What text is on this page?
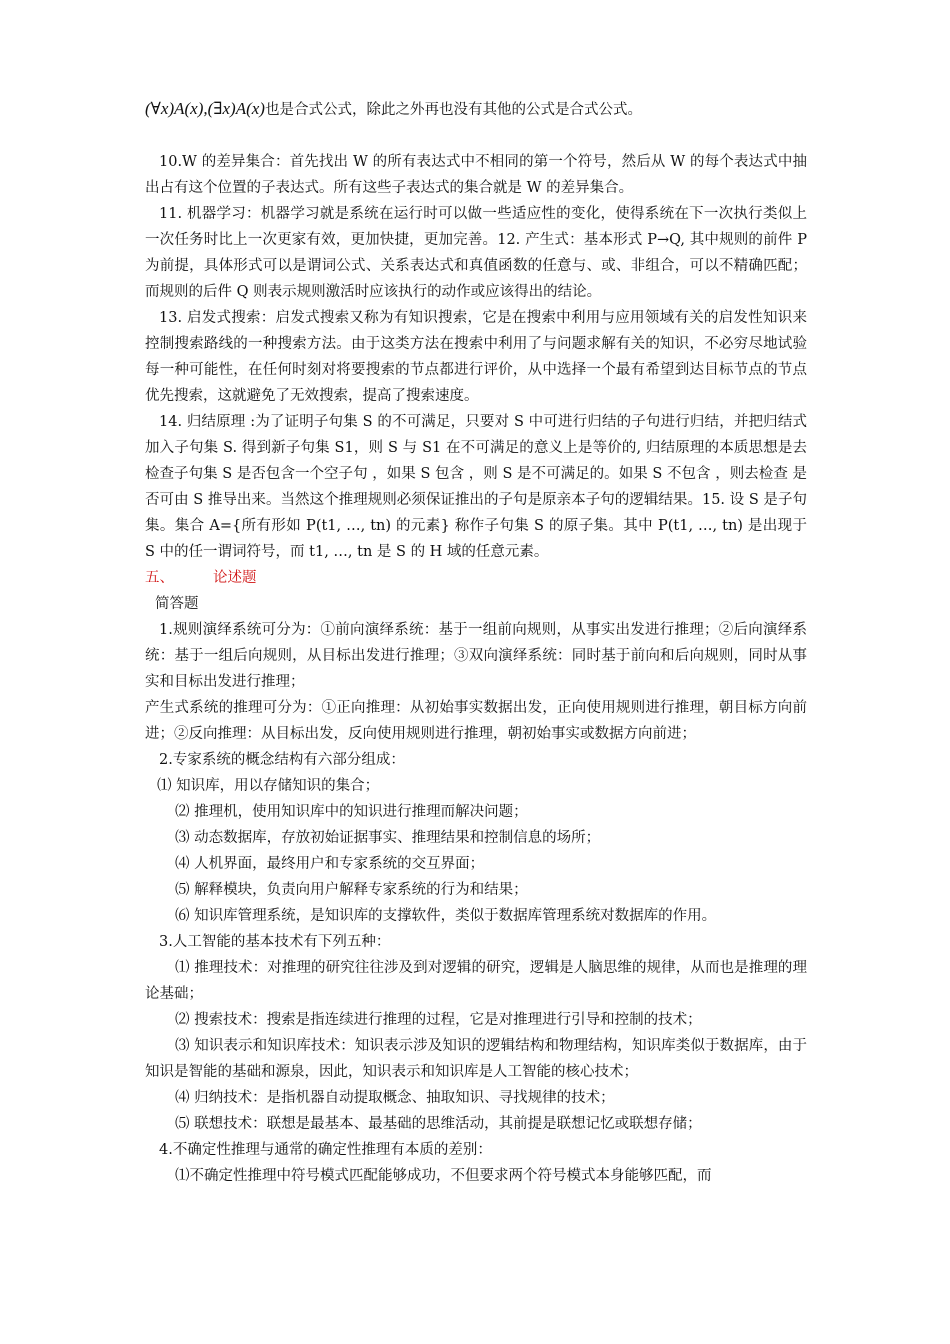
(∀x)A(x),(∃x)A(x)也是合式公式，除此之外再也没有其他的公式是合式公式。

10.W 的差异集合：首先找出 W 的所有表达式中不相同的第一个符号，然后从 W 的每个表达式中抽出占有这个位置的子表达式。所有这些子表达式的集合就是 W 的差异集合。

11. 机器学习：机器学习就是系统在运行时可以做一些适应性的变化，使得系统在下一次执行类似上一次任务时比上一次更家有效，更加快捷，更加完善。12. 产生式：基本形式 P→Q, 其中规则的前件 P 为前提，具体形式可以是谓词公式、关系表达式和真值函数的任意与、或、非组合，可以不精确匹配；而规则的后件 Q 则表示规则激活时应该执行的动作或应该得出的结论。

13. 启发式搜索：启发式搜索又称为有知识搜索，它是在搜索中利用与应用领域有关的启发性知识来控制搜索路线的一种搜索方法。由于这类方法在搜索中利用了与问题求解有关的知识，不必穷尽地试验每一种可能性，在任何时刻对将要搜索的节点都进行评价，从中选择一个最有希望到达目标节点的节点优先搜索，这就避免了无效搜索，提高了搜索速度。

14. 归结原理 :为了证明子句集 S 的不可满足，只要对 S 中可进行归结的子句进行归结，并把归结式加入子句集 S. 得到新子句集 S1，则 S 与 S1 在不可满足的意义上是等价的, 归结原理的本质思想是去检查子句集 S 是否包含一个空子句 ，如果 S 包含 ，则 S 是不可满足的。如果 S 不包含 ，则去检查 是否可由 S 推导出来。当然这个推理规则必须保证推出的子句是原亲本子句的逻辑结果。15. 设 S 是子句集。集合 A={所有形如 P(t1, …, tn) 的元素} 称作子句集 S 的原子集。其中 P(t1, …, tn) 是出现于 S 中的任一谓词符号，而 t1, …, tn 是 S 的 H 域的任意元素。

五、	论述题

简答题

1.规则演绎系统可分为：①前向演绎系统：基于一组前向规则，从事实出发进行推理；②后向演绎系统：基于一组后向规则，从目标出发进行推理；③双向演绎系统：同时基于前向和后向规则，同时从事实和目标出发进行推理；

产生式系统的推理可分为：①正向推理：从初始事实数据出发，正向使用规则进行推理，朝目标方向前进；②反向推理：从目标出发，反向使用规则进行推理，朝初始事实或数据方向前进；

2.专家系统的概念结构有六部分组成：

⑴ 知识库，用以存储知识的集合；

⑵ 推理机，使用知识库中的知识进行推理而解决问题；

⑶ 动态数据库，存放初始证据事实、推理结果和控制信息的场所；

⑷ 人机界面，最终用户和专家系统的交互界面；

⑸ 解释模块，负责向用户解释专家系统的行为和结果；

⑹ 知识库管理系统，是知识库的支撑软件，类似于数据库管理系统对数据库的作用。

3.人工智能的基本技术有下列五种：

⑴ 推理技术：对推理的研究往往涉及到对逻辑的研究，逻辑是人脑思维的规律，从而也是推理的理论基础；

⑵ 搜索技术：搜索是指连续进行推理的过程，它是对推理进行引导和控制的技术；

⑶ 知识表示和知识库技术：知识表示涉及知识的逻辑结构和物理结构，知识库类似于数据库，由于知识是智能的基础和源泉，因此，知识表示和知识库是人工智能的核心技术；

⑷ 归纳技术：是指机器自动提取概念、抽取知识、寻找规律的技术；

⑸ 联想技术：联想是最基本、最基础的思维活动，其前提是联想记忆或联想存储；

4.不确定性推理与通常的确定性推理有本质的差别：

⑴不确定性推理中符号模式匹配能够成功，不但要求两个符号模式本身能够匹配，而
